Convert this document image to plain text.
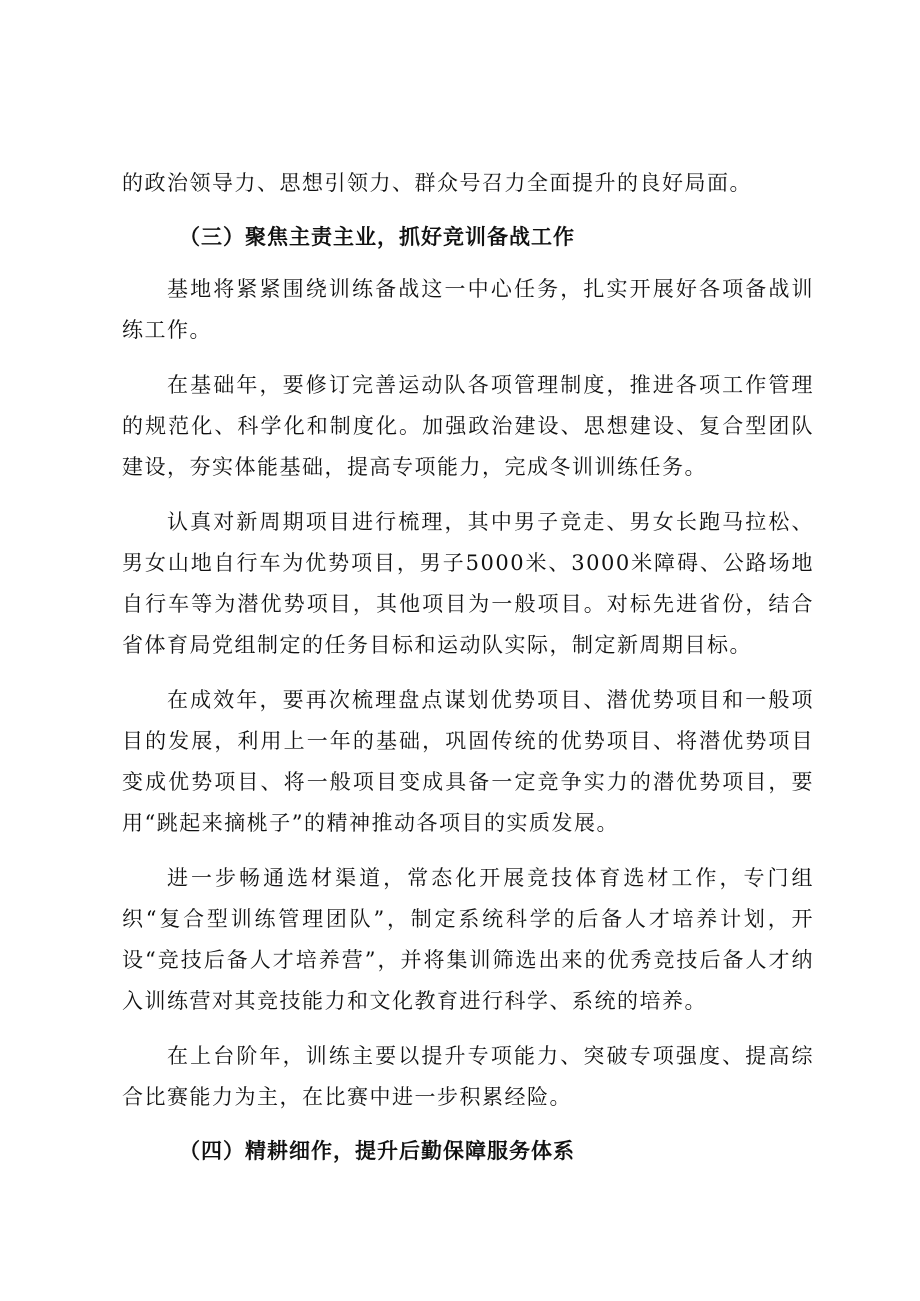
的政治领导力、思想引领力、群众号召力全面提升的良好局面。

（三）聚焦主责主业，抓好竞训备战工作

基地将紧紧围绕训练备战这一中心任务，扎实开展好各项备战训练工作。

在基础年，要修订完善运动队各项管理制度，推进各项工作管理的规范化、科学化和制度化。加强政治建设、思想建设、复合型团队建设，夯实体能基础，提高专项能力，完成冬训训练任务。

认真对新周期项目进行梳理，其中男子竞走、男女长跑马拉松、男女山地自行车为优势项目，男子5000米、3000米障碍、公路场地自行车等为潜优势项目，其他项目为一般项目。对标先进省份，结合省体育局党组制定的任务目标和运动队实际，制定新周期目标。

在成效年，要再次梳理盘点谋划优势项目、潜优势项目和一般项目的发展，利用上一年的基础，巩固传统的优势项目、将潜优势项目变成优势项目、将一般项目变成具备一定竞争实力的潜优势项目，要用“跳起来摘桃子”的精神推动各项目的实质发展。

进一步畅通选材渠道，常态化开展竞技体育选材工作，专门组织“复合型训练管理团队”，制定系统科学的后备人才培养计划，开设“竞技后备人才培养营”，并将集训筛选出来的优秀竞技后备人才纳入训练营对其竞技能力和文化教育进行科学、系统的培养。

在上台阶年，训练主要以提升专项能力、突破专项强度、提高综合比赛能力为主，在比赛中进一步积累经险。

（四）精耕细作，提升后勤保障服务体系
